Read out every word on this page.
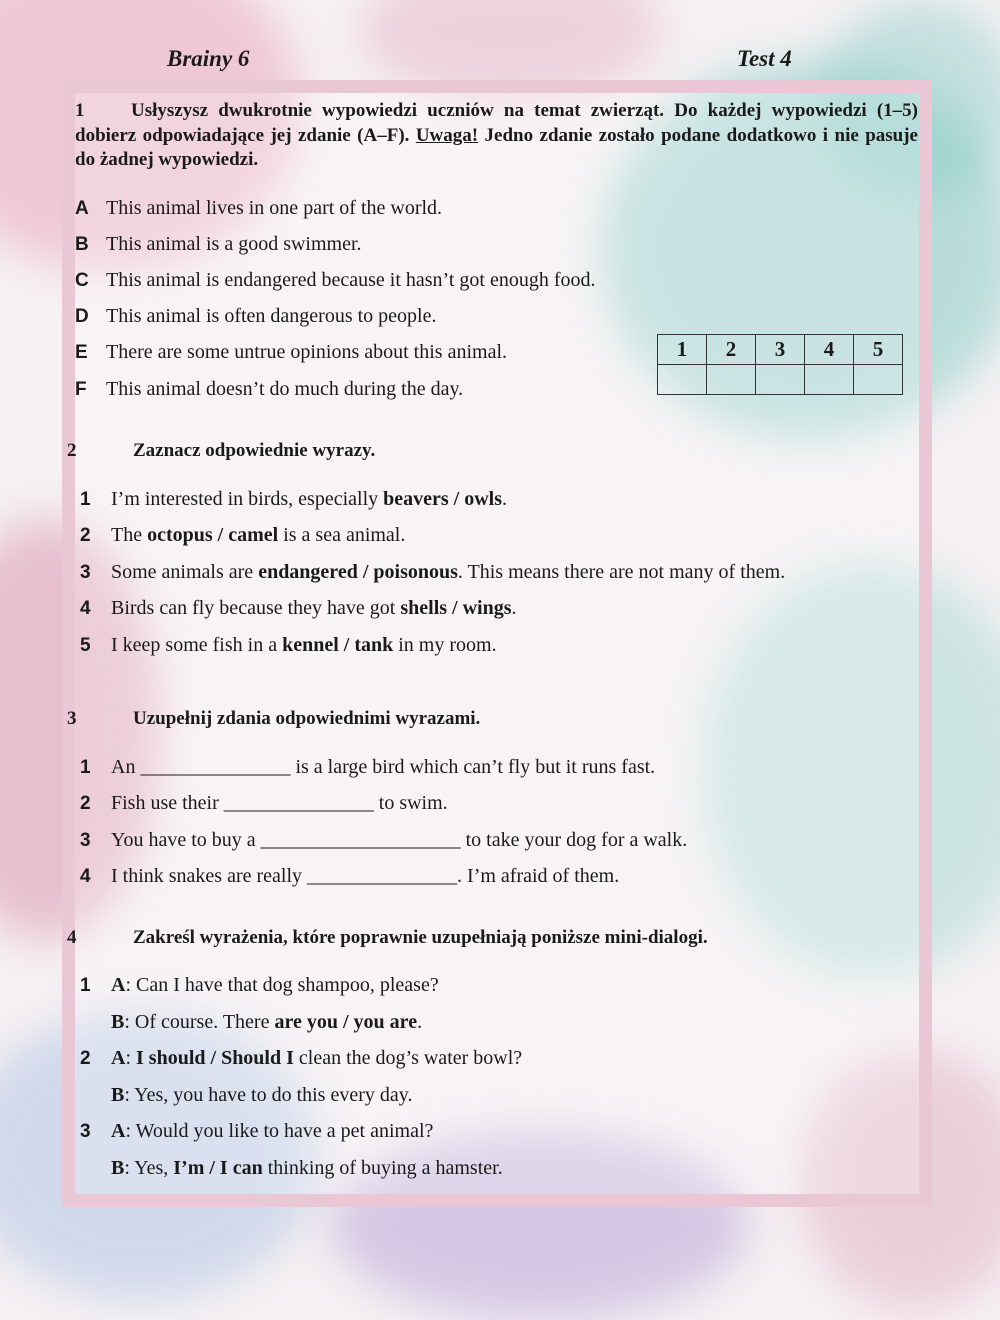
Brainy 6	Test 4
1 Usłyszysz dwukrotnie wypowiedzi uczniów na temat zwierząt. Do każdej wypowiedzi (1–5) dobierz odpowiadające jej zdanie (A–F). Uwaga! Jedno zdanie zostało podane dodatkowo i nie pasuje do żadnej wypowiedzi.
A This animal lives in one part of the world.
B This animal is a good swimmer.
C This animal is endangered because it hasn’t got enough food.
D This animal is often dangerous to people.
E There are some untrue opinions about this animal.
F This animal doesn’t do much during the day.
1	2	3	4	5

2	Zaznacz odpowiednie wyrazy.
1 I’m interested in birds, especially beavers / owls.
2 The octopus / camel is a sea animal.
3 Some animals are endangered / poisonous. This means there are not many of them.
4 Birds can fly because they have got shells / wings.
5 I keep some fish in a kennel / tank in my room.
3	Uzupełnij zdania odpowiednimi wyrazami.
1 An _______________ is a large bird which can’t fly but it runs fast.
2 Fish use their _______________ to swim.
3 You have to buy a ____________________ to take your dog for a walk.
4 I think snakes are really _______________. I’m afraid of them.
4	Zakreśl wyrażenia, które poprawnie uzupełniają poniższe mini-dialogi.
1 A: Can I have that dog shampoo, please?
B: Of course. There are you / you are.
2 A: I should / Should I clean the dog’s water bowl?
B: Yes, you have to do this every day.
3 A: Would you like to have a pet animal?
B: Yes, I’m / I can thinking of buying a hamster.
